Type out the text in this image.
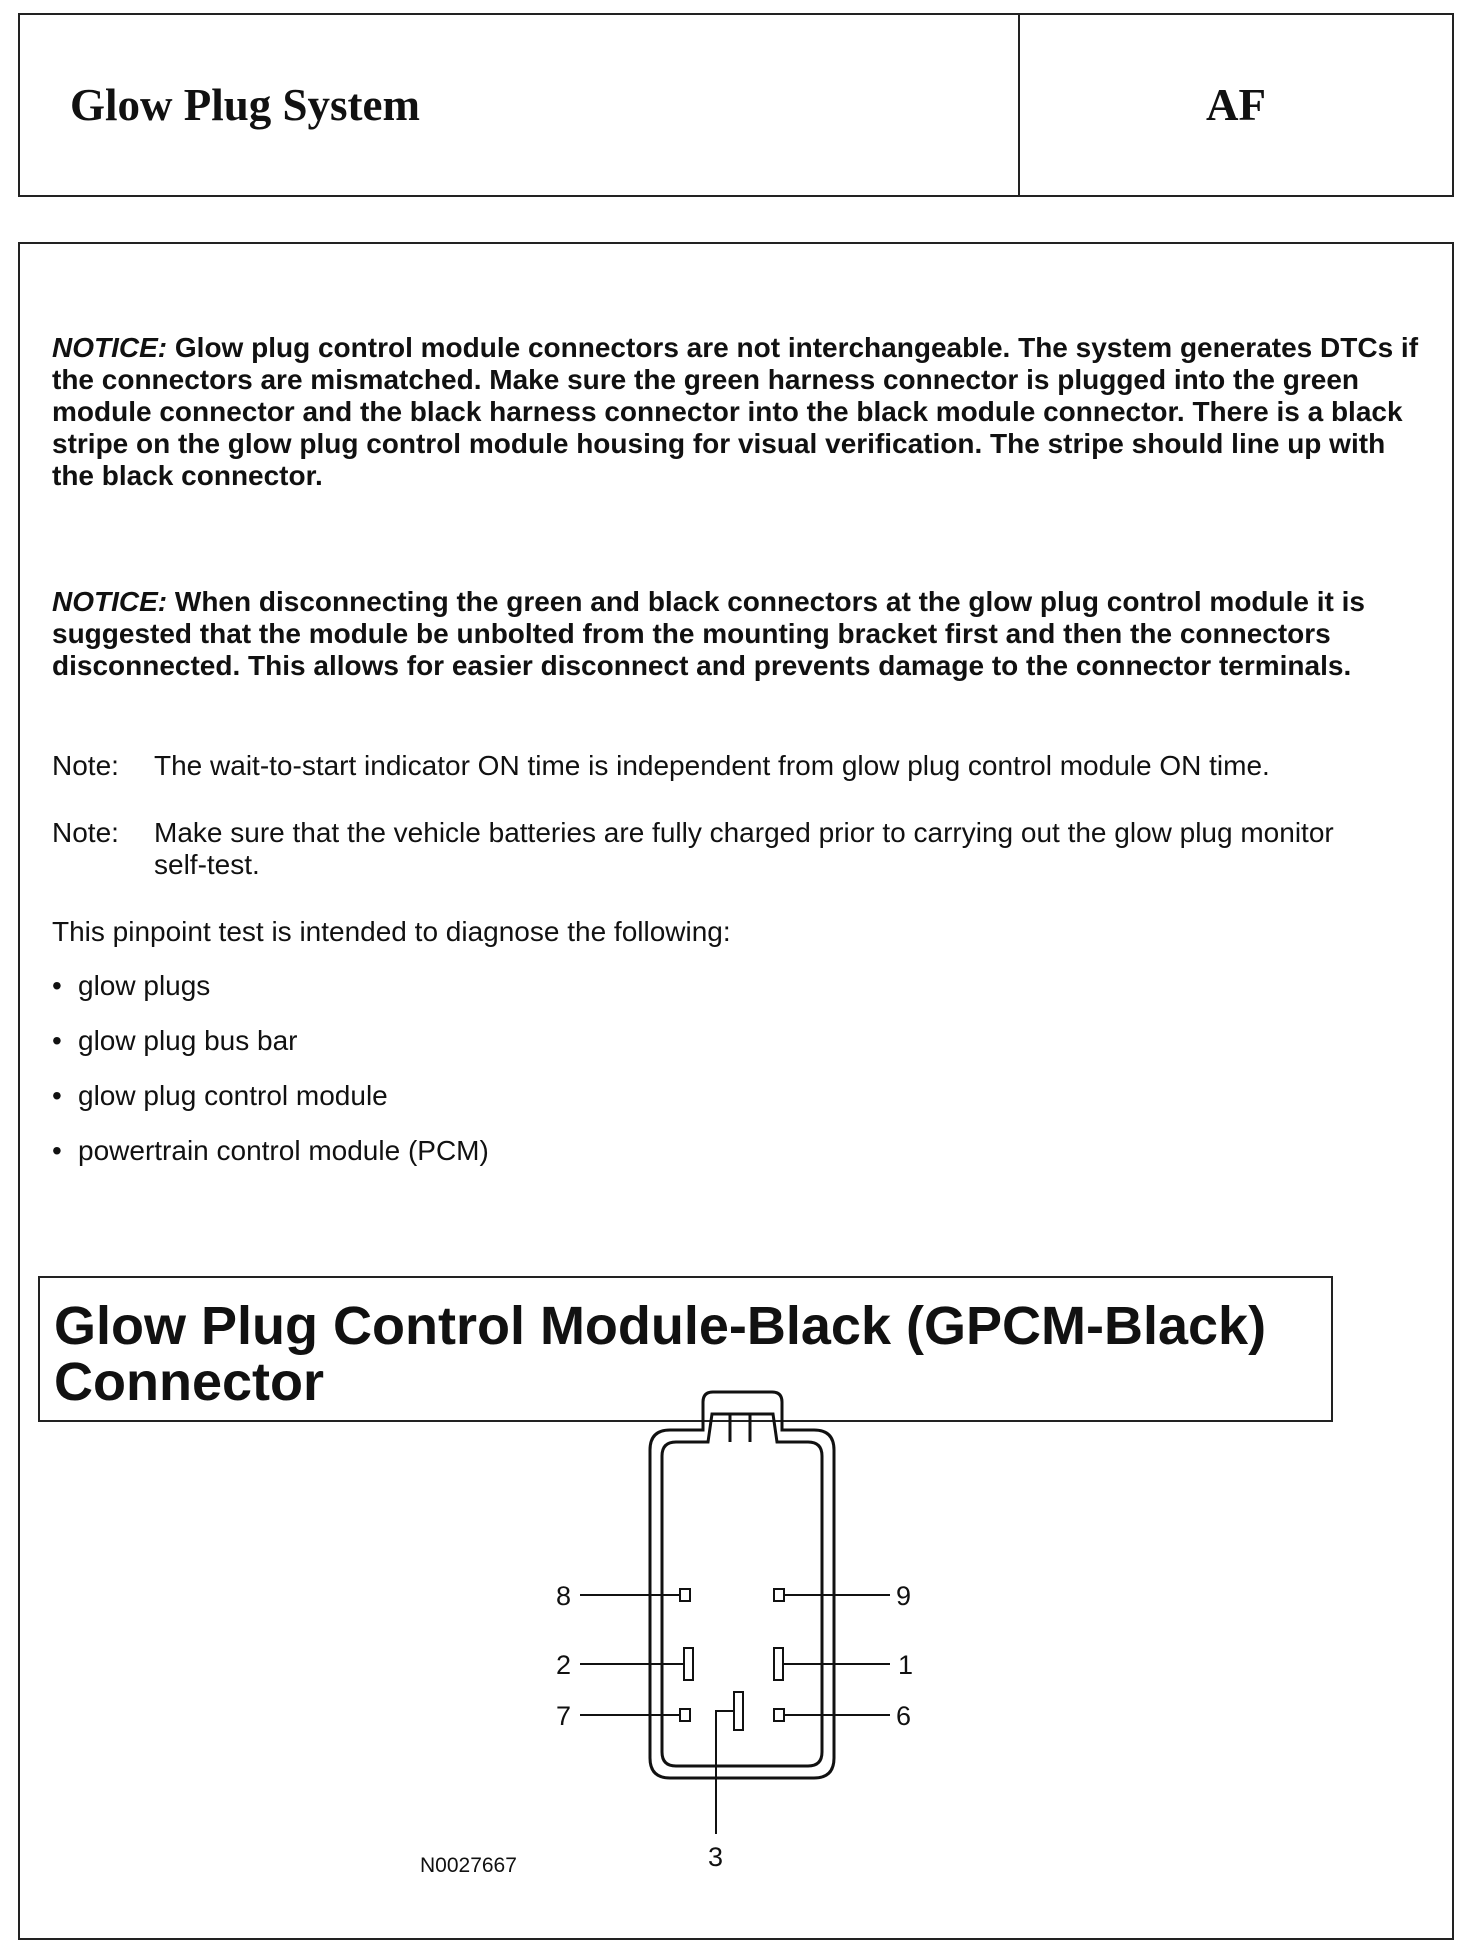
Glow Plug System	AF

NOTICE: Glow plug control module connectors are not interchangeable. The system generates DTCs if the connectors are mismatched. Make sure the green harness connector is plugged into the green module connector and the black harness connector into the black module connector. There is a black stripe on the glow plug control module housing for visual verification. The stripe should line up with the black connector.

NOTICE: When disconnecting the green and black connectors at the glow plug control module it is suggested that the module be unbolted from the mounting bracket first and then the connectors disconnected. This allows for easier disconnect and prevents damage to the connector terminals.

Note:	The wait-to-start indicator ON time is independent from glow plug control module ON time.
Note:	Make sure that the vehicle batteries are fully charged prior to carrying out the glow plug monitor self-test.
This pinpoint test is intended to diagnose the following:
• glow plugs
• glow plug bus bar
• glow plug control module
• powertrain control module (PCM)
Glow Plug Control Module-Black (GPCM-Black)
Connector
8	9
2	1
7	6
3
N0027667
